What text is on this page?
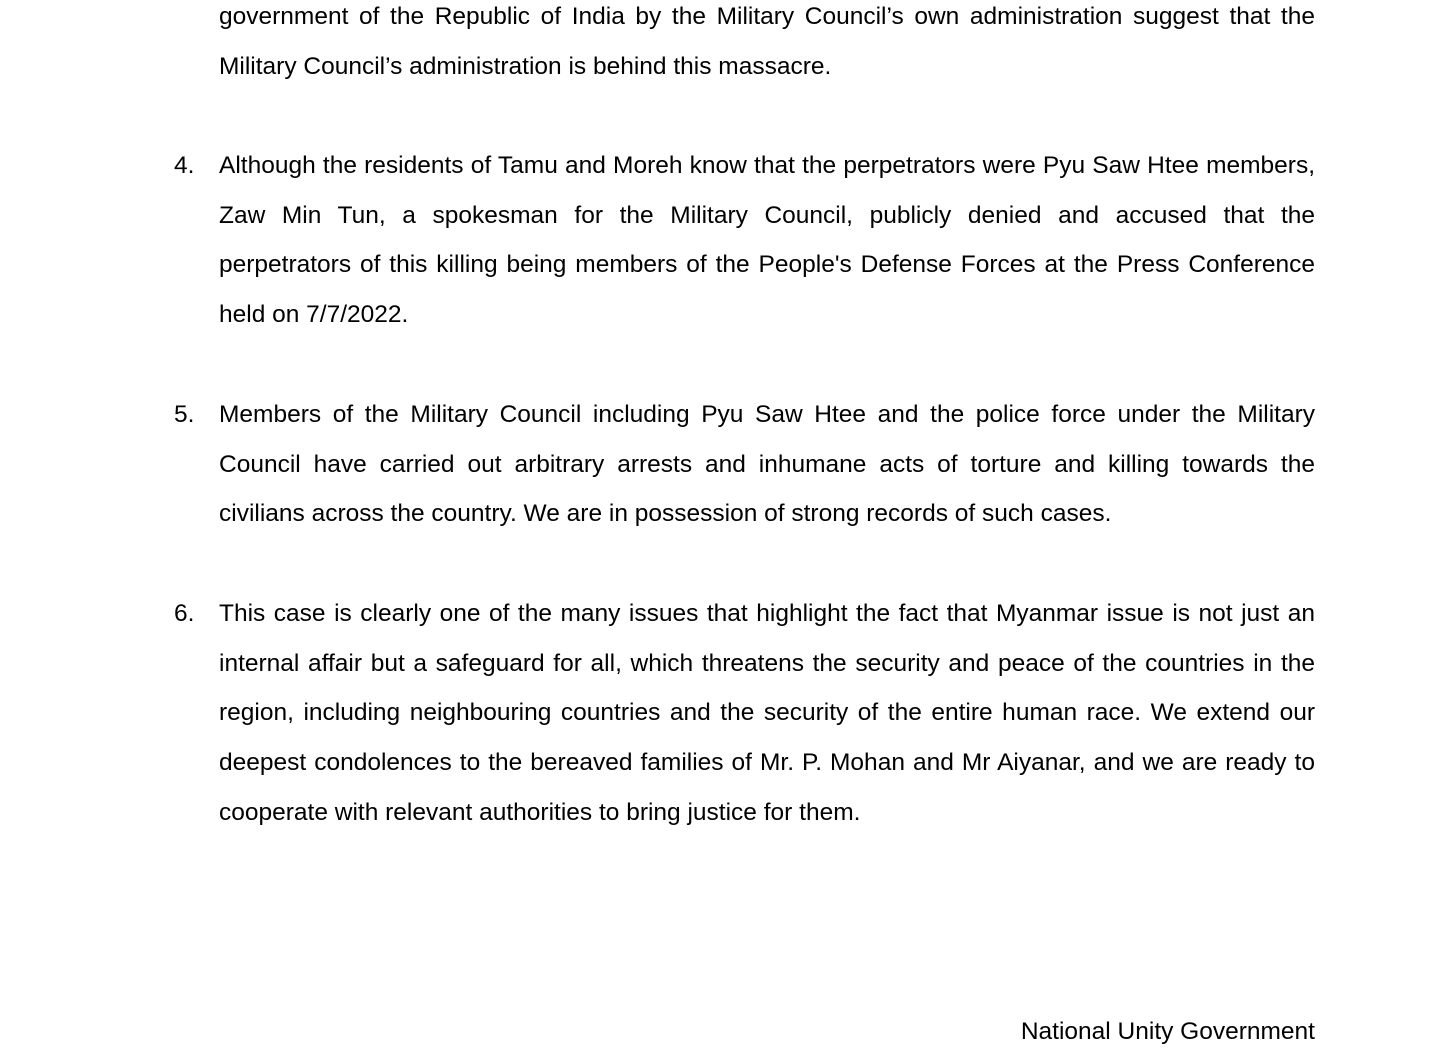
government of the Republic of India by the Military Council’s own administration suggest that the Military Council’s administration is behind this massacre.

4. Although the residents of Tamu and Moreh know that the perpetrators were Pyu Saw Htee members, Zaw Min Tun, a spokesman for the Military Council, publicly denied and accused that the perpetrators of this killing being members of the People's Defense Forces at the Press Conference held on 7/7/2022.

5. Members of the Military Council including Pyu Saw Htee and the police force under the Military Council have carried out arbitrary arrests and inhumane acts of torture and killing towards the civilians across the country. We are in possession of strong records of such cases.

6. This case is clearly one of the many issues that highlight the fact that Myanmar issue is not just an internal affair but a safeguard for all, which threatens the security and peace of the countries in the region, including neighbouring countries and the security of the entire human race. We extend our deepest condolences to the bereaved families of Mr. P. Mohan and Mr Aiyanar, and we are ready to cooperate with relevant authorities to bring justice for them.

National Unity Government
